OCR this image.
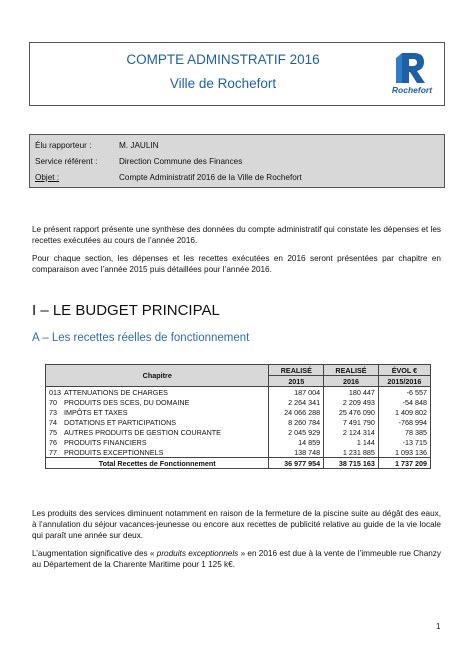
COMPTE ADMINSTRATIF 2016
Ville de Rochefort	Rochefort
Élu rapporteur :	M. JAULIN
Service référent :	Direction Commune des Finances
Objet :	Compte Administratif 2016 de la Ville de Rochefort

Le présent rapport présente une synthèse des données du compte administratif qui constate les dépenses et les recettes exécutées au cours de l’année 2016.

Pour chaque section, les dépenses et les recettes exécutées en 2016 seront présentées par chapitre en comparaison avec l’année 2015 puis détaillées pour l’année 2016.

I – LE BUDGET PRINCIPAL
A – Les recettes réelles de fonctionnement
Chapitre		REALISÉ	REALISÉ	ÉVOL €
		2015	2016	2015/2016
013	ATTENUATIONS DE CHARGES	187 004	180 447	-6 557
70	PRODUITS DES SCES, DU DOMAINE	2 264 341	2 209 493	-54 848
73	IMPÔTS ET TAXES	24 066 288	25 476 090	1 409 802
74	DOTATIONS ET PARTICIPATIONS	8 260 784	7 491 790	-768 994
75	AUTRES PRODUITS DE GESTION COURANTE	2 045 929	2 124 314	78 385
76	PRODUITS FINANCIERS	14 859	1 144	-13 715
77	PRODUITS EXCEPTIONNELS	138 748	1 231 885	1 093 136
Total Recettes de Fonctionnement		36 977 954	38 715 163	1 737 209

Les produits des services diminuent notamment en raison de la fermeture de la piscine suite au dégât des eaux, à l’annulation du séjour vacances-jeunesse ou encore aux recettes de publicité relative au guide de la vie locale qui paraît une année sur deux.

L’augmentation significative des « produits exceptionnels » en 2016 est due à la vente de l’immeuble rue Chanzy au Département de la Charente Maritime pour 1 125 k€.

1
